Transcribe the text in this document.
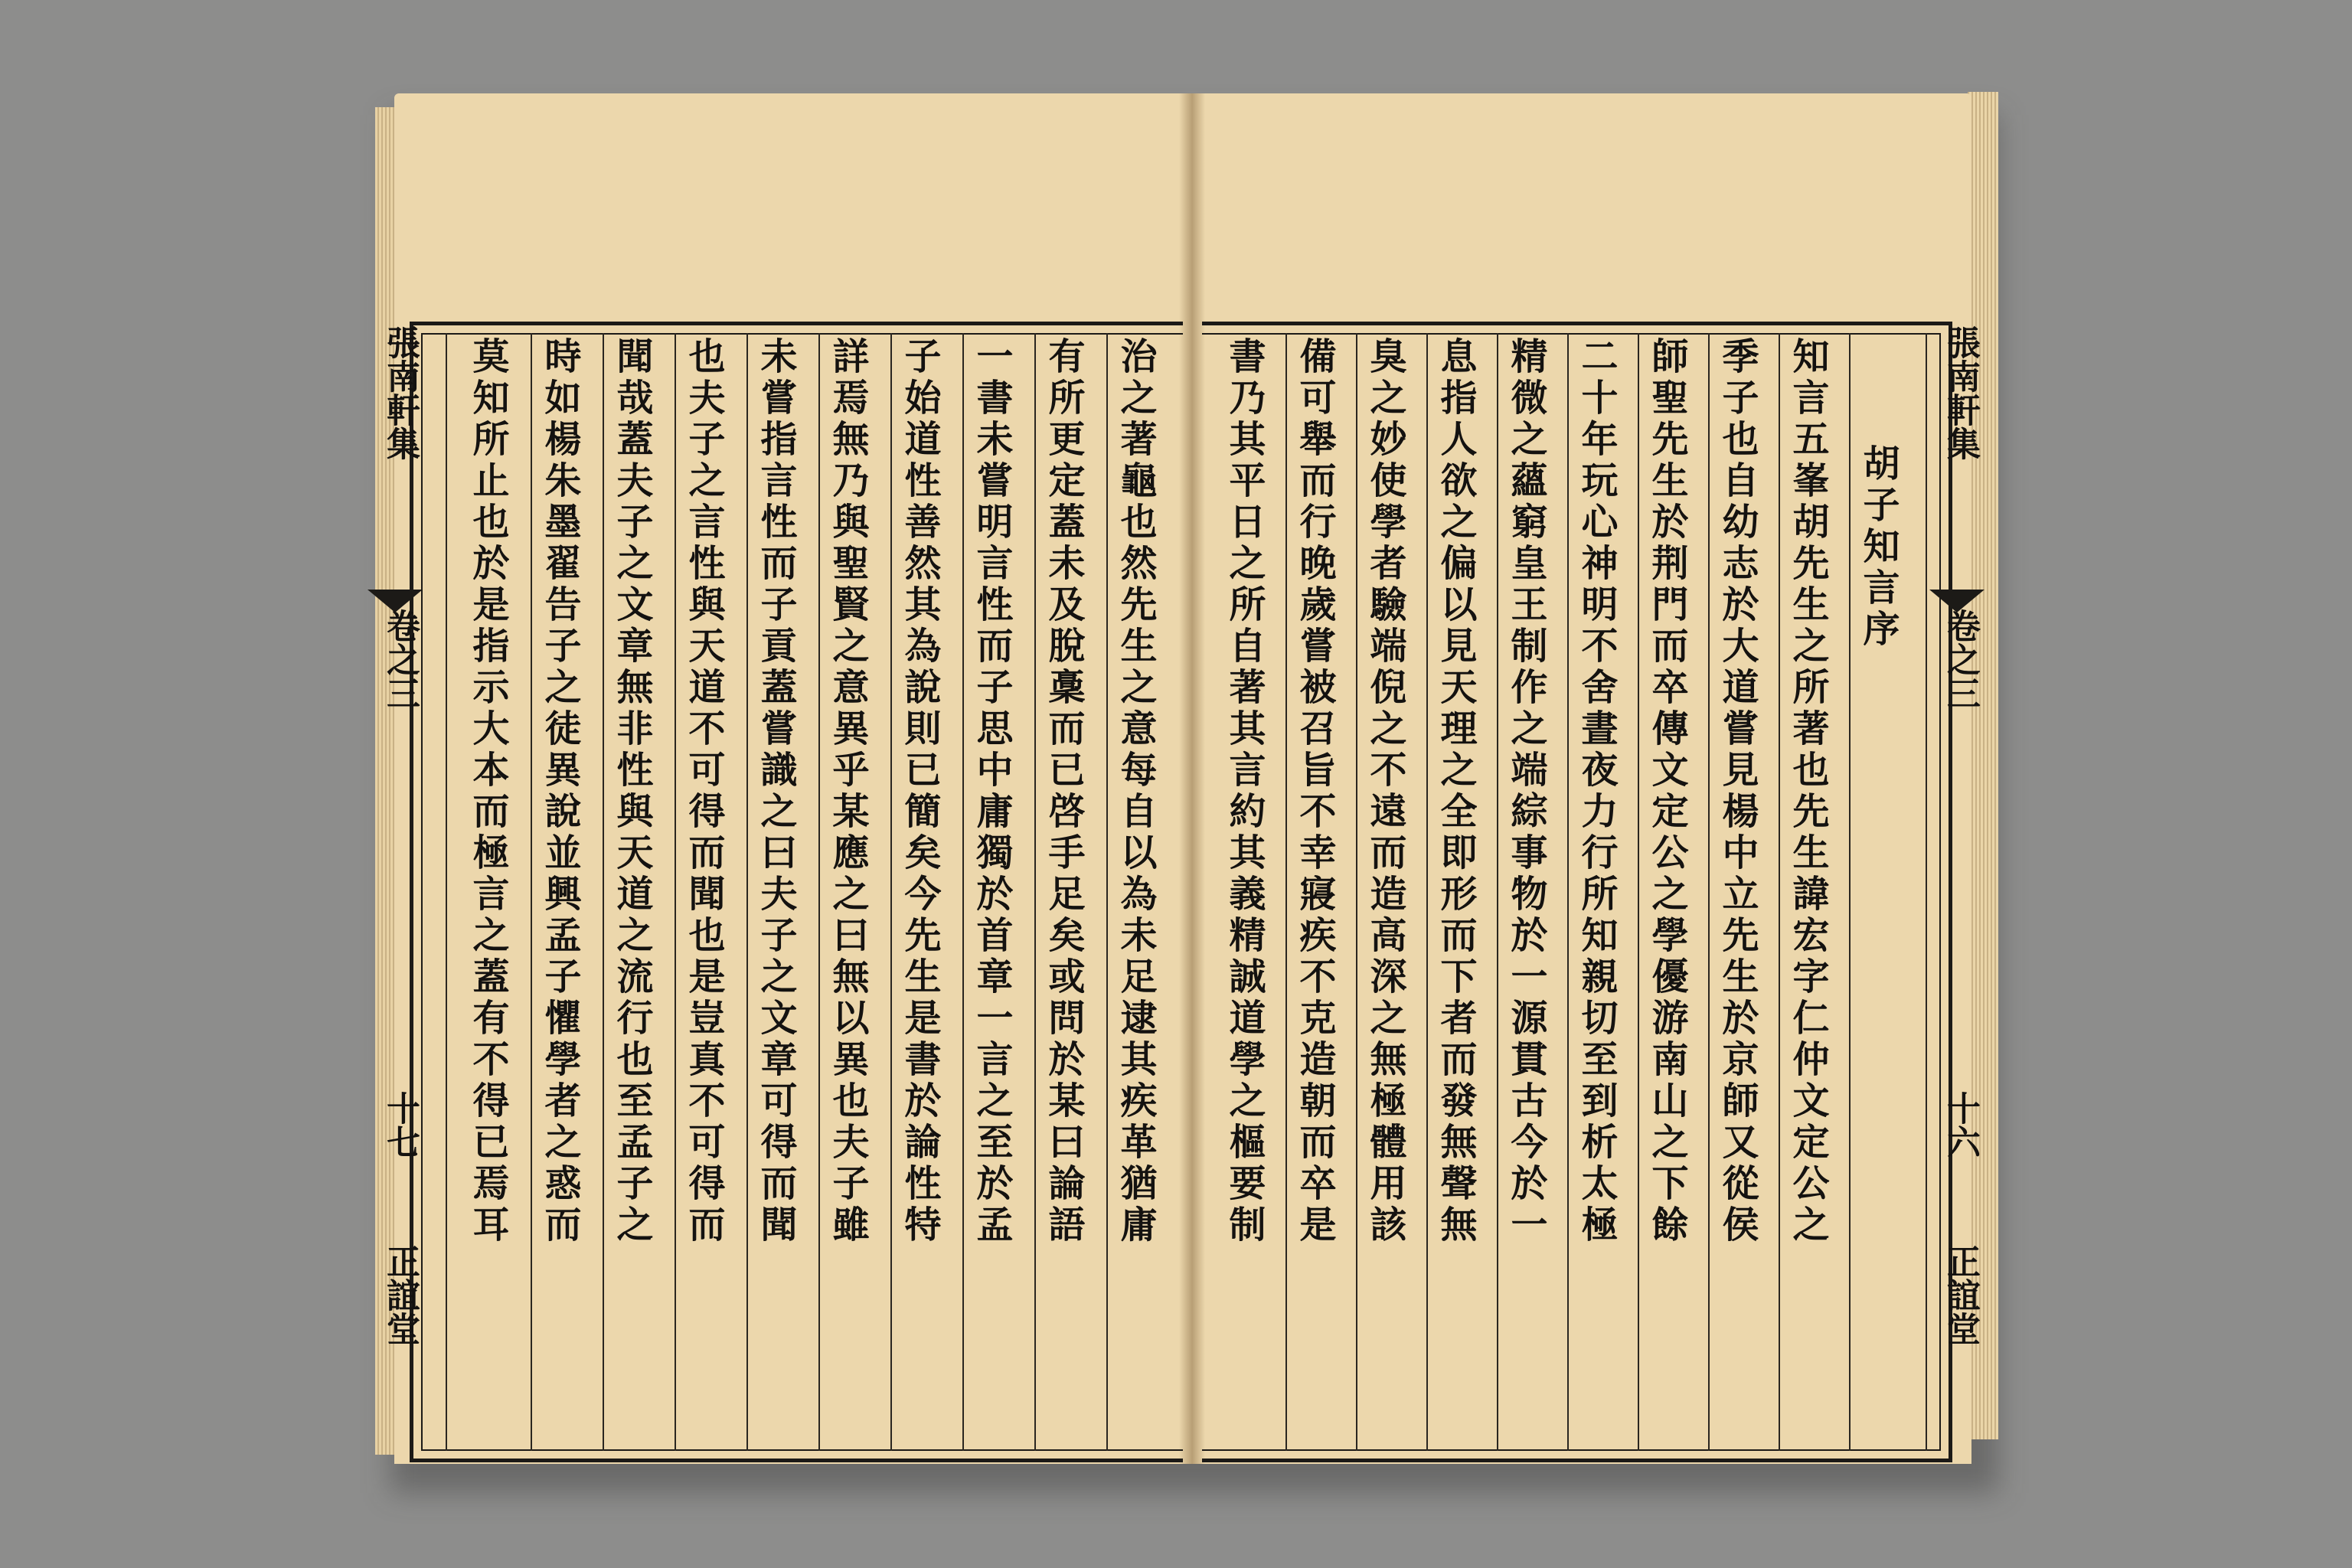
張南軒集
卷之三
十七
正誼堂
張南軒集
卷之三
十六
正誼堂
治之著龜也然先生之意每自以為未足逮其疾革猶庸
有所更定蓋未及脫稾而已啓手足矣或問於某曰論語
一書未嘗明言性而子思中庸獨於首章一言之至於孟
子始道性善然其為說則已簡矣今先生是書於論性特
詳焉無乃與聖賢之意異乎某應之曰無以異也夫子雖
未嘗指言性而子貢蓋嘗識之曰夫子之文章可得而聞
也夫子之言性與天道不可得而聞也是豈真不可得而
聞哉蓋夫子之文章無非性與天道之流行也至孟子之
時如楊朱墨翟告子之徒異說並興孟子懼學者之惑而
莫知所止也於是指示大本而極言之蓋有不得已焉耳	胡子知言序
知言五峯胡先生之所著也先生諱宏字仁仲文定公之
季子也自幼志於大道嘗見楊中立先生於京師又從侯
師聖先生於荆門而卒傳文定公之學優游南山之下餘
二十年玩心神明不舍晝夜力行所知親切至到析太極
精微之蘊窮皇王制作之端綜事物於一源貫古今於一
息指人欲之偏以見天理之全即形而下者而發無聲無
臭之妙使學者驗端倪之不遠而造高深之無極體用該
備可舉而行晚歲嘗被召旨不幸寢疾不克造朝而卒是
書乃其平日之所自著其言約其義精誠道學之樞要制
